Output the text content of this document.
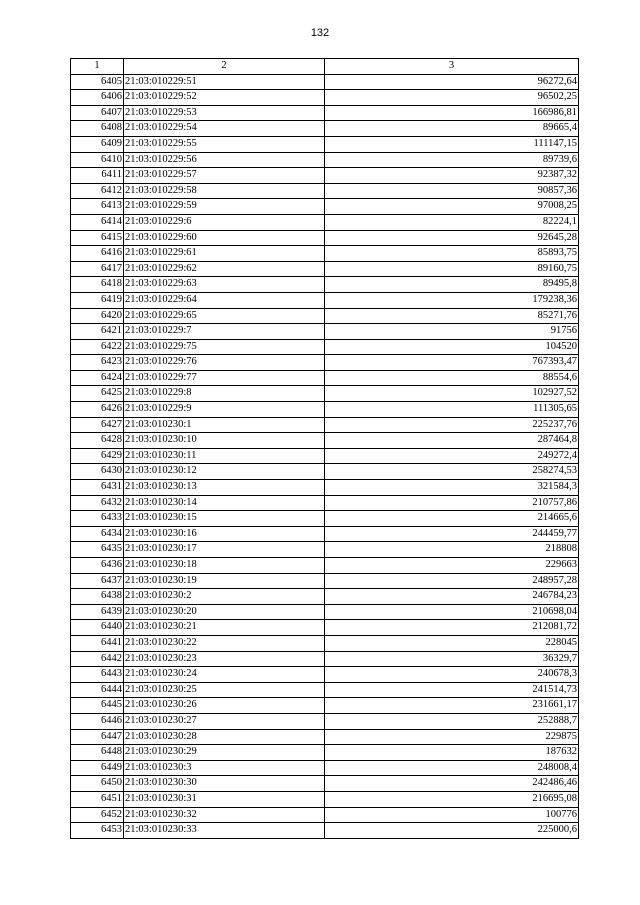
132
1	2	3
6405	21:03:010229:51	96272,64
6406	21:03:010229:52	96502,25
6407	21:03:010229:53	166986,81
6408	21:03:010229:54	89665,4
6409	21:03:010229:55	111147,15
6410	21:03:010229:56	89739,6
6411	21:03:010229:57	92387,32
6412	21:03:010229:58	90857,36
6413	21:03:010229:59	97008,25
6414	21:03:010229:6	82224,1
6415	21:03:010229:60	92645,28
6416	21:03:010229:61	85893,75
6417	21:03:010229:62	89160,75
6418	21:03:010229:63	89495,8
6419	21:03:010229:64	179238,36
6420	21:03:010229:65	85271,76
6421	21:03:010229:7	91756
6422	21:03:010229:75	104520
6423	21:03:010229:76	767393,47
6424	21:03:010229:77	88554,6
6425	21:03:010229:8	102927,52
6426	21:03:010229:9	111305,65
6427	21:03:010230:1	225237,76
6428	21:03:010230:10	287464,8
6429	21:03:010230:11	249272,4
6430	21:03:010230:12	258274,53
6431	21:03:010230:13	321584,3
6432	21:03:010230:14	210757,86
6433	21:03:010230:15	214665,6
6434	21:03:010230:16	244459,77
6435	21:03:010230:17	218808
6436	21:03:010230:18	229663
6437	21:03:010230:19	248957,28
6438	21:03:010230:2	246784,23
6439	21:03:010230:20	210698,04
6440	21:03:010230:21	212081,72
6441	21:03:010230:22	228045
6442	21:03:010230:23	36329,7
6443	21:03:010230:24	240678,3
6444	21:03:010230:25	241514,73
6445	21:03:010230:26	231661,17
6446	21:03:010230:27	252888,7
6447	21:03:010230:28	229875
6448	21:03:010230:29	187632
6449	21:03:010230:3	248008,4
6450	21:03:010230:30	242486,46
6451	21:03:010230:31	216695,08
6452	21:03:010230:32	100776
6453	21:03:010230:33	225000,6
